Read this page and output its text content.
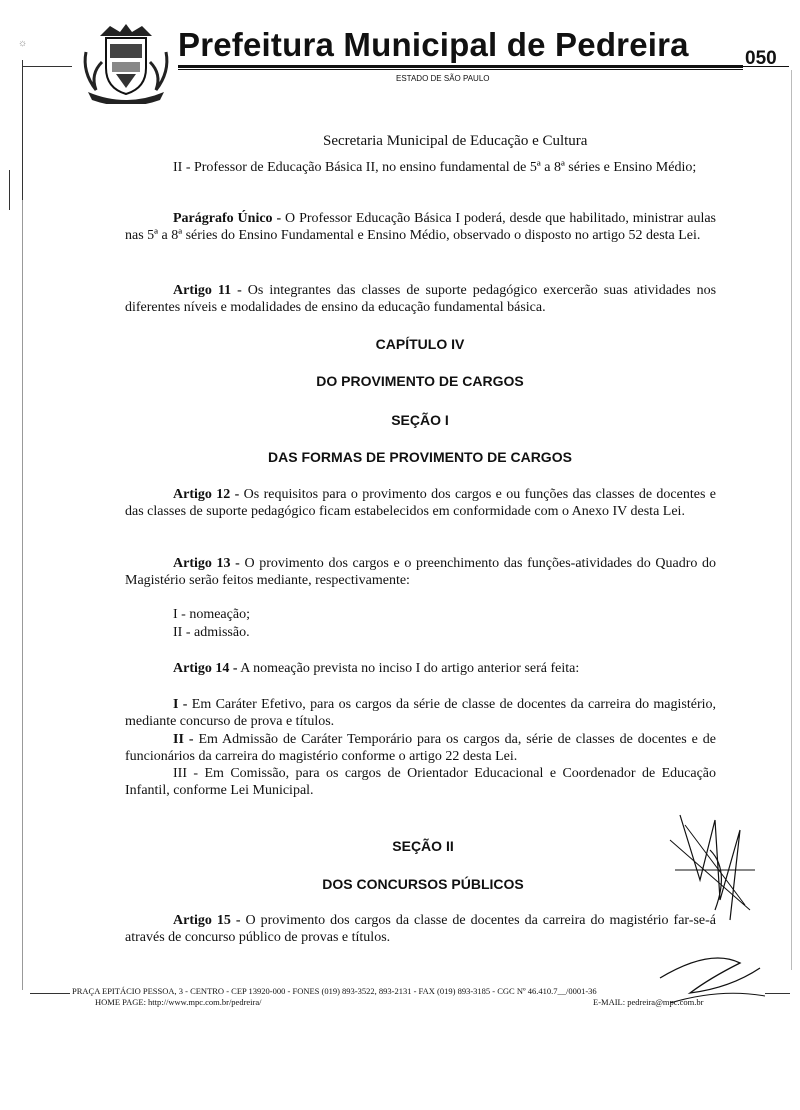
☼	Prefeitura Municipal de Pedreira
ESTADO DE SÃO PAULO
050
Secretaria Municipal de Educação e Cultura
II - Professor de Educação Básica II, no ensino fundamental de 5ª a 8ª séries e Ensino Médio;
Parágrafo Único - O Professor Educação Básica I poderá, desde que habilitado, ministrar aulas nas 5ª a 8ª séries do Ensino Fundamental e Ensino Médio, observado o disposto no artigo 52 desta Lei.
Artigo 11 - Os integrantes das classes de suporte pedagógico exercerão suas atividades nos diferentes níveis e modalidades de ensino da educação fundamental básica.
CAPÍTULO IV
DO PROVIMENTO DE CARGOS
SEÇÃO I
DAS FORMAS DE PROVIMENTO DE CARGOS
Artigo 12 - Os requisitos para o provimento dos cargos e ou funções das classes de docentes e das classes de suporte pedagógico ficam estabelecidos em conformidade com o Anexo IV desta Lei.
Artigo 13 - O provimento dos cargos e o preenchimento das funções-atividades do Quadro do Magistério serão feitos mediante, respectivamente:
I - nomeação;
II - admissão.
Artigo 14 - A nomeação prevista no inciso I do artigo anterior será feita:
I - Em Caráter Efetivo, para os cargos da série de classe de docentes da carreira do magistério, mediante concurso de prova e títulos.
II - Em Admissão de Caráter Temporário para os cargos da, série de classes de docentes e de funcionários da carreira do magistério conforme o artigo 22 desta Lei.
III - Em Comissão, para os cargos de Orientador Educacional e Coordenador de Educação Infantil, conforme Lei Municipal.
SEÇÃO II
DOS CONCURSOS PÚBLICOS
Artigo 15 - O provimento dos cargos da classe de docentes da carreira do magistério far-se-á através de concurso público de provas e títulos.
PRAÇA EPITÁCIO PESSOA, 3 - CENTRO - CEP 13920-000 - FONES (019) 893-3522, 893-2131 - FAX (019) 893-3185 - CGC Nº 46.410.7__/0001-36
HOME PAGE: http://www.mpc.com.br/pedreira/	E-MAIL: pedreira@mpc.com.br
